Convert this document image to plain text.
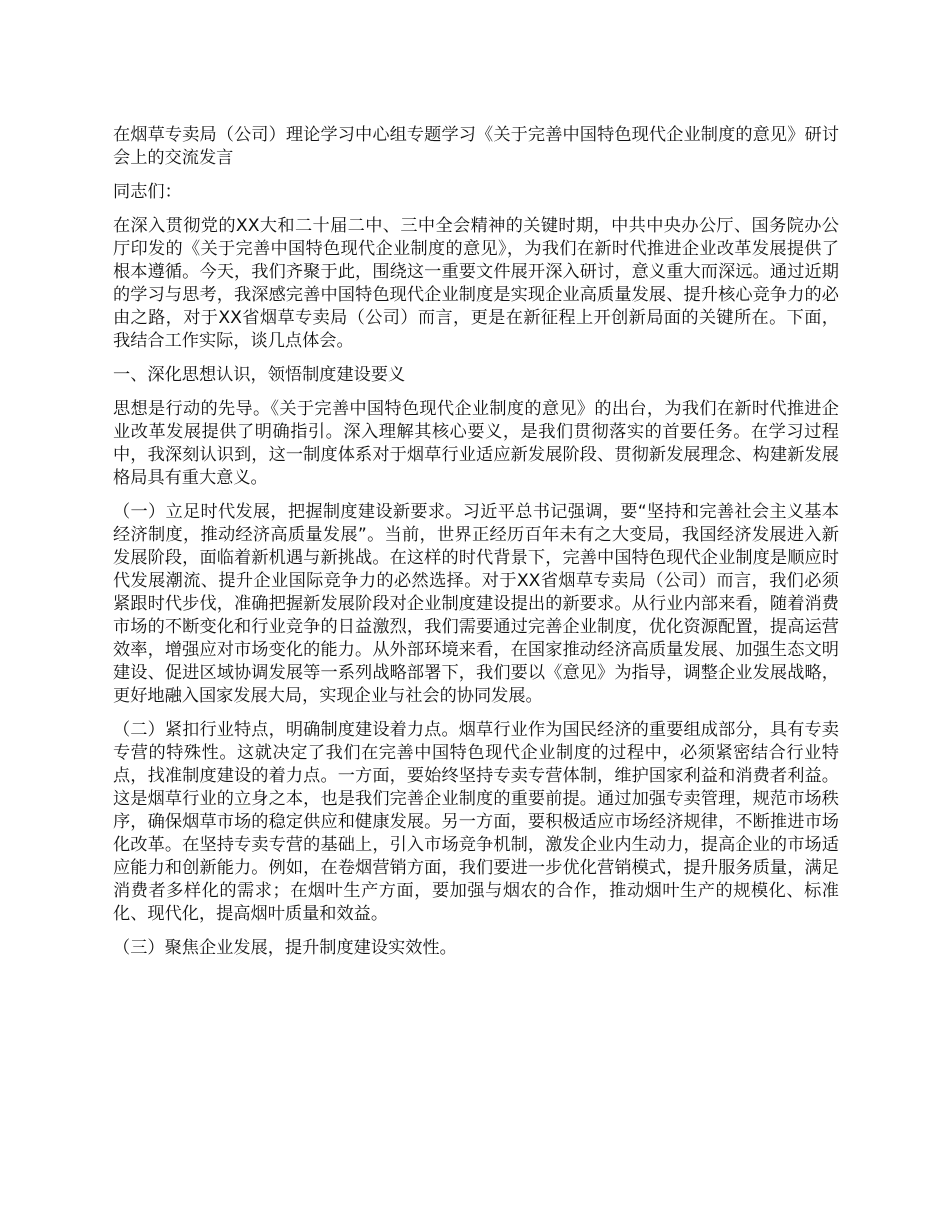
在烟草专卖局（公司）理论学习中心组专题学习《关于完善中国特色现代企业制度的意见》研讨会上的交流发言

同志们：

在深入贯彻党的XX大和二十届二中、三中全会精神的关键时期，中共中央办公厅、国务院办公厅印发的《关于完善中国特色现代企业制度的意见》，为我们在新时代推进企业改革发展提供了根本遵循。今天，我们齐聚于此，围绕这一重要文件展开深入研讨，意义重大而深远。通过近期的学习与思考，我深感完善中国特色现代企业制度是实现企业高质量发展、提升核心竞争力的必由之路，对于XX省烟草专卖局（公司）而言，更是在新征程上开创新局面的关键所在。下面，我结合工作实际，谈几点体会。

一、深化思想认识，领悟制度建设要义

思想是行动的先导。《关于完善中国特色现代企业制度的意见》的出台，为我们在新时代推进企业改革发展提供了明确指引。深入理解其核心要义，是我们贯彻落实的首要任务。在学习过程中，我深刻认识到，这一制度体系对于烟草行业适应新发展阶段、贯彻新发展理念、构建新发展格局具有重大意义。

（一）立足时代发展，把握制度建设新要求。习近平总书记强调，要“坚持和完善社会主义基本经济制度，推动经济高质量发展”。当前，世界正经历百年未有之大变局，我国经济发展进入新发展阶段，面临着新机遇与新挑战。在这样的时代背景下，完善中国特色现代企业制度是顺应时代发展潮流、提升企业国际竞争力的必然选择。对于XX省烟草专卖局（公司）而言，我们必须紧跟时代步伐，准确把握新发展阶段对企业制度建设提出的新要求。从行业内部来看，随着消费市场的不断变化和行业竞争的日益激烈，我们需要通过完善企业制度，优化资源配置，提高运营效率，增强应对市场变化的能力。从外部环境来看，在国家推动经济高质量发展、加强生态文明建设、促进区域协调发展等一系列战略部署下，我们要以《意见》为指导，调整企业发展战略，更好地融入国家发展大局，实现企业与社会的协同发展。

（二）紧扣行业特点，明确制度建设着力点。烟草行业作为国民经济的重要组成部分，具有专卖专营的特殊性。这就决定了我们在完善中国特色现代企业制度的过程中，必须紧密结合行业特点，找准制度建设的着力点。一方面，要始终坚持专卖专营体制，维护国家利益和消费者利益。这是烟草行业的立身之本，也是我们完善企业制度的重要前提。通过加强专卖管理，规范市场秩序，确保烟草市场的稳定供应和健康发展。另一方面，要积极适应市场经济规律，不断推进市场化改革。在坚持专卖专营的基础上，引入市场竞争机制，激发企业内生动力，提高企业的市场适应能力和创新能力。例如，在卷烟营销方面，我们要进一步优化营销模式，提升服务质量，满足消费者多样化的需求；在烟叶生产方面，要加强与烟农的合作，推动烟叶生产的规模化、标准化、现代化，提高烟叶质量和效益。

（三）聚焦企业发展，提升制度建设实效性。
